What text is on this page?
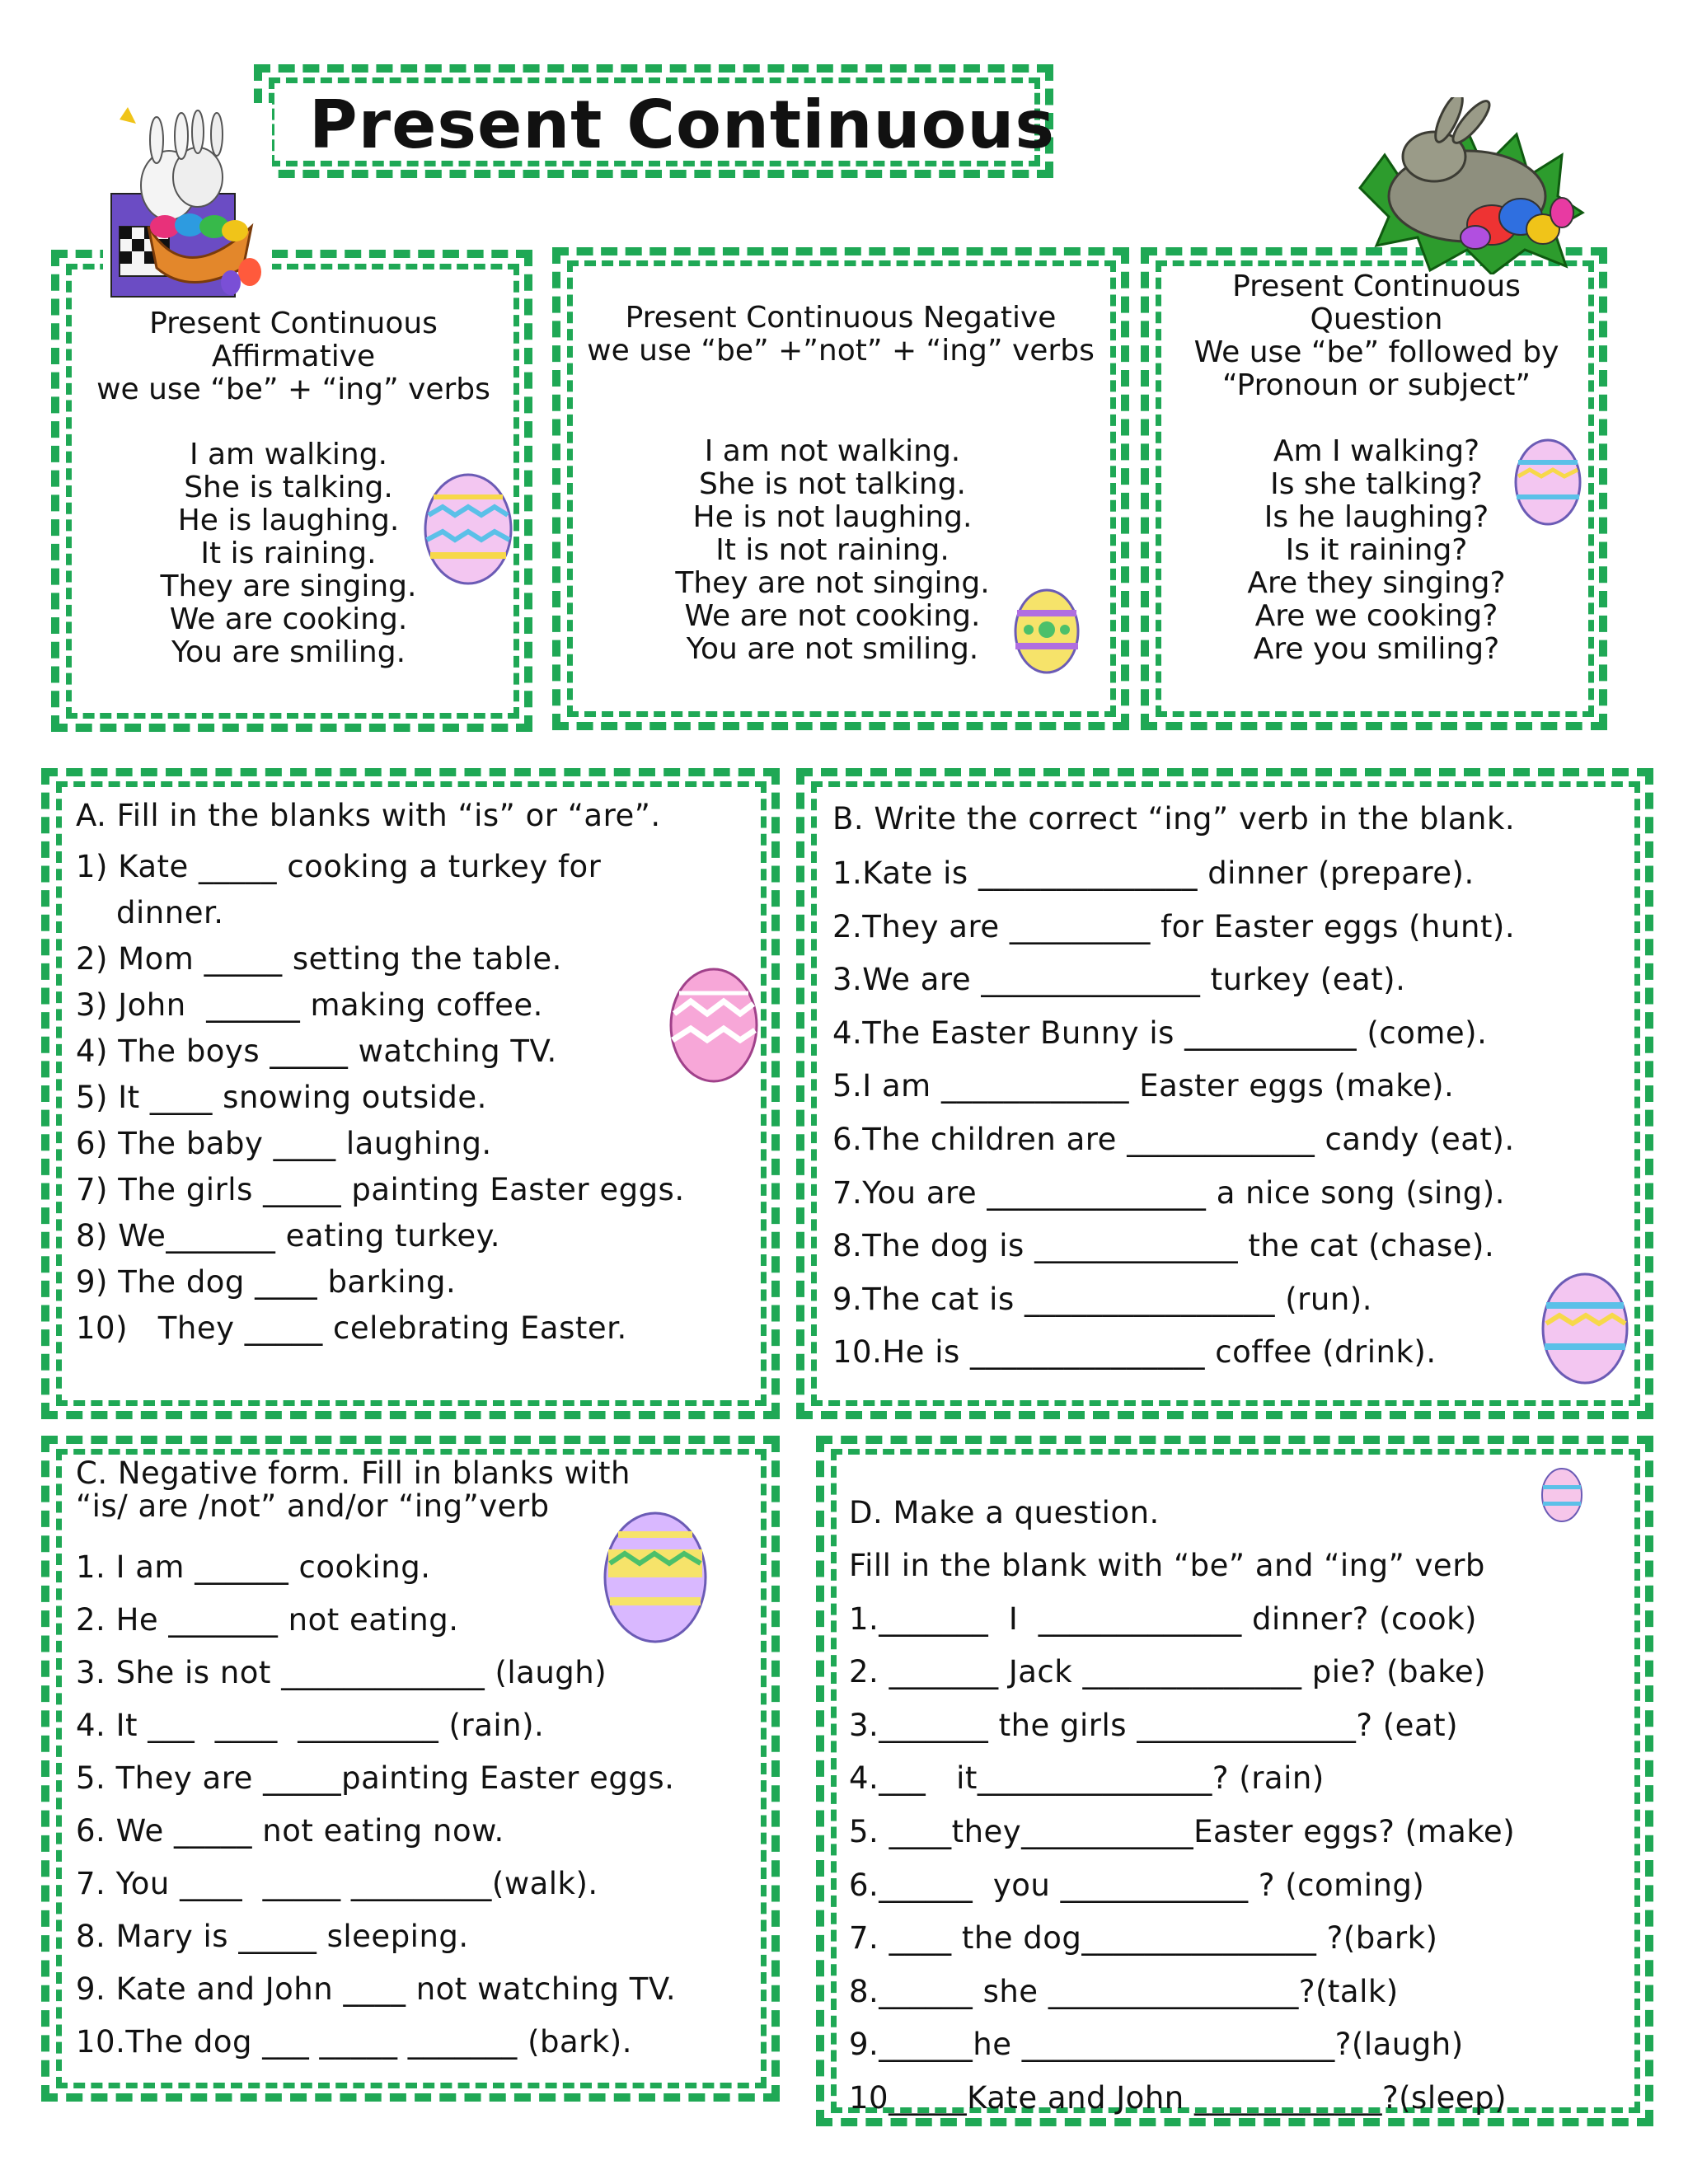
Present Continuous
Present Continuous
Affirmative
we use “be” + “ing” verbs
I am walking.
She is talking.
He is laughing.
It is raining.
They are singing.
We are cooking.
You are smiling.
Present Continuous Negative
we use “be” +”not” + “ing” verbs
I am not walking.
She is not talking.
He is not laughing.
It is not raining.
They are not singing.
We are not cooking.
You are not smiling.
Present Continuous
Question
We use “be” followed by
“Pronoun or subject”
Am I walking?
Is she talking?
Is he laughing?
Is it raining?
Are they singing?
Are we cooking?
Are you smiling?
A. Fill in the blanks with “is” or “are”.
1) Kate _____ cooking a turkey for
dinner.
2) Mom _____ setting the table.
3) John  ______ making coffee.
4) The boys _____ watching TV.
5) It ____ snowing outside.
6) The baby ____ laughing.
7) The girls _____ painting Easter eggs.
8) We_______ eating turkey.
9) The dog ____ barking.
10)   They _____ celebrating Easter.
B. Write the correct “ing” verb in the blank.
1.Kate is ______________ dinner (prepare).
2.They are _________ for Easter eggs (hunt).
3.We are ______________ turkey (eat).
4.The Easter Bunny is ___________ (come).
5.I am ____________ Easter eggs (make).
6.The children are ____________ candy (eat).
7.You are ______________ a nice song (sing).
8.The dog is _____________ the cat (chase).
9.The cat is ________________ (run).
10.He is _______________ coffee (drink).
C. Negative form. Fill in blanks with
“is/ are /not” and/or “ing”verb
1. I am ______ cooking.
2. He _______ not eating.
3. She is not _____________ (laugh)
4. It ___  ____  _________ (rain).
5. They are _____painting Easter eggs.
6. We _____ not eating now.
7. You ____  _____ _________(walk).
8. Mary is _____ sleeping.
9. Kate and John ____ not watching TV.
10.The dog ___ _____ _______ (bark).
D. Make a question.
Fill in the blank with “be” and “ing” verb
1._______  I  _____________ dinner? (cook)
2. _______ Jack ______________ pie? (bake)
3._______ the girls ______________? (eat)
4.___   it_______________? (rain)
5. ____they___________Easter eggs? (make)
6.______  you ____________ ? (coming)
7. ____ the dog_______________ ?(bark)
8.______ she ________________?(talk)
9.______he ____________________?(laugh)
10_____Kate and John ____________?(sleep)
